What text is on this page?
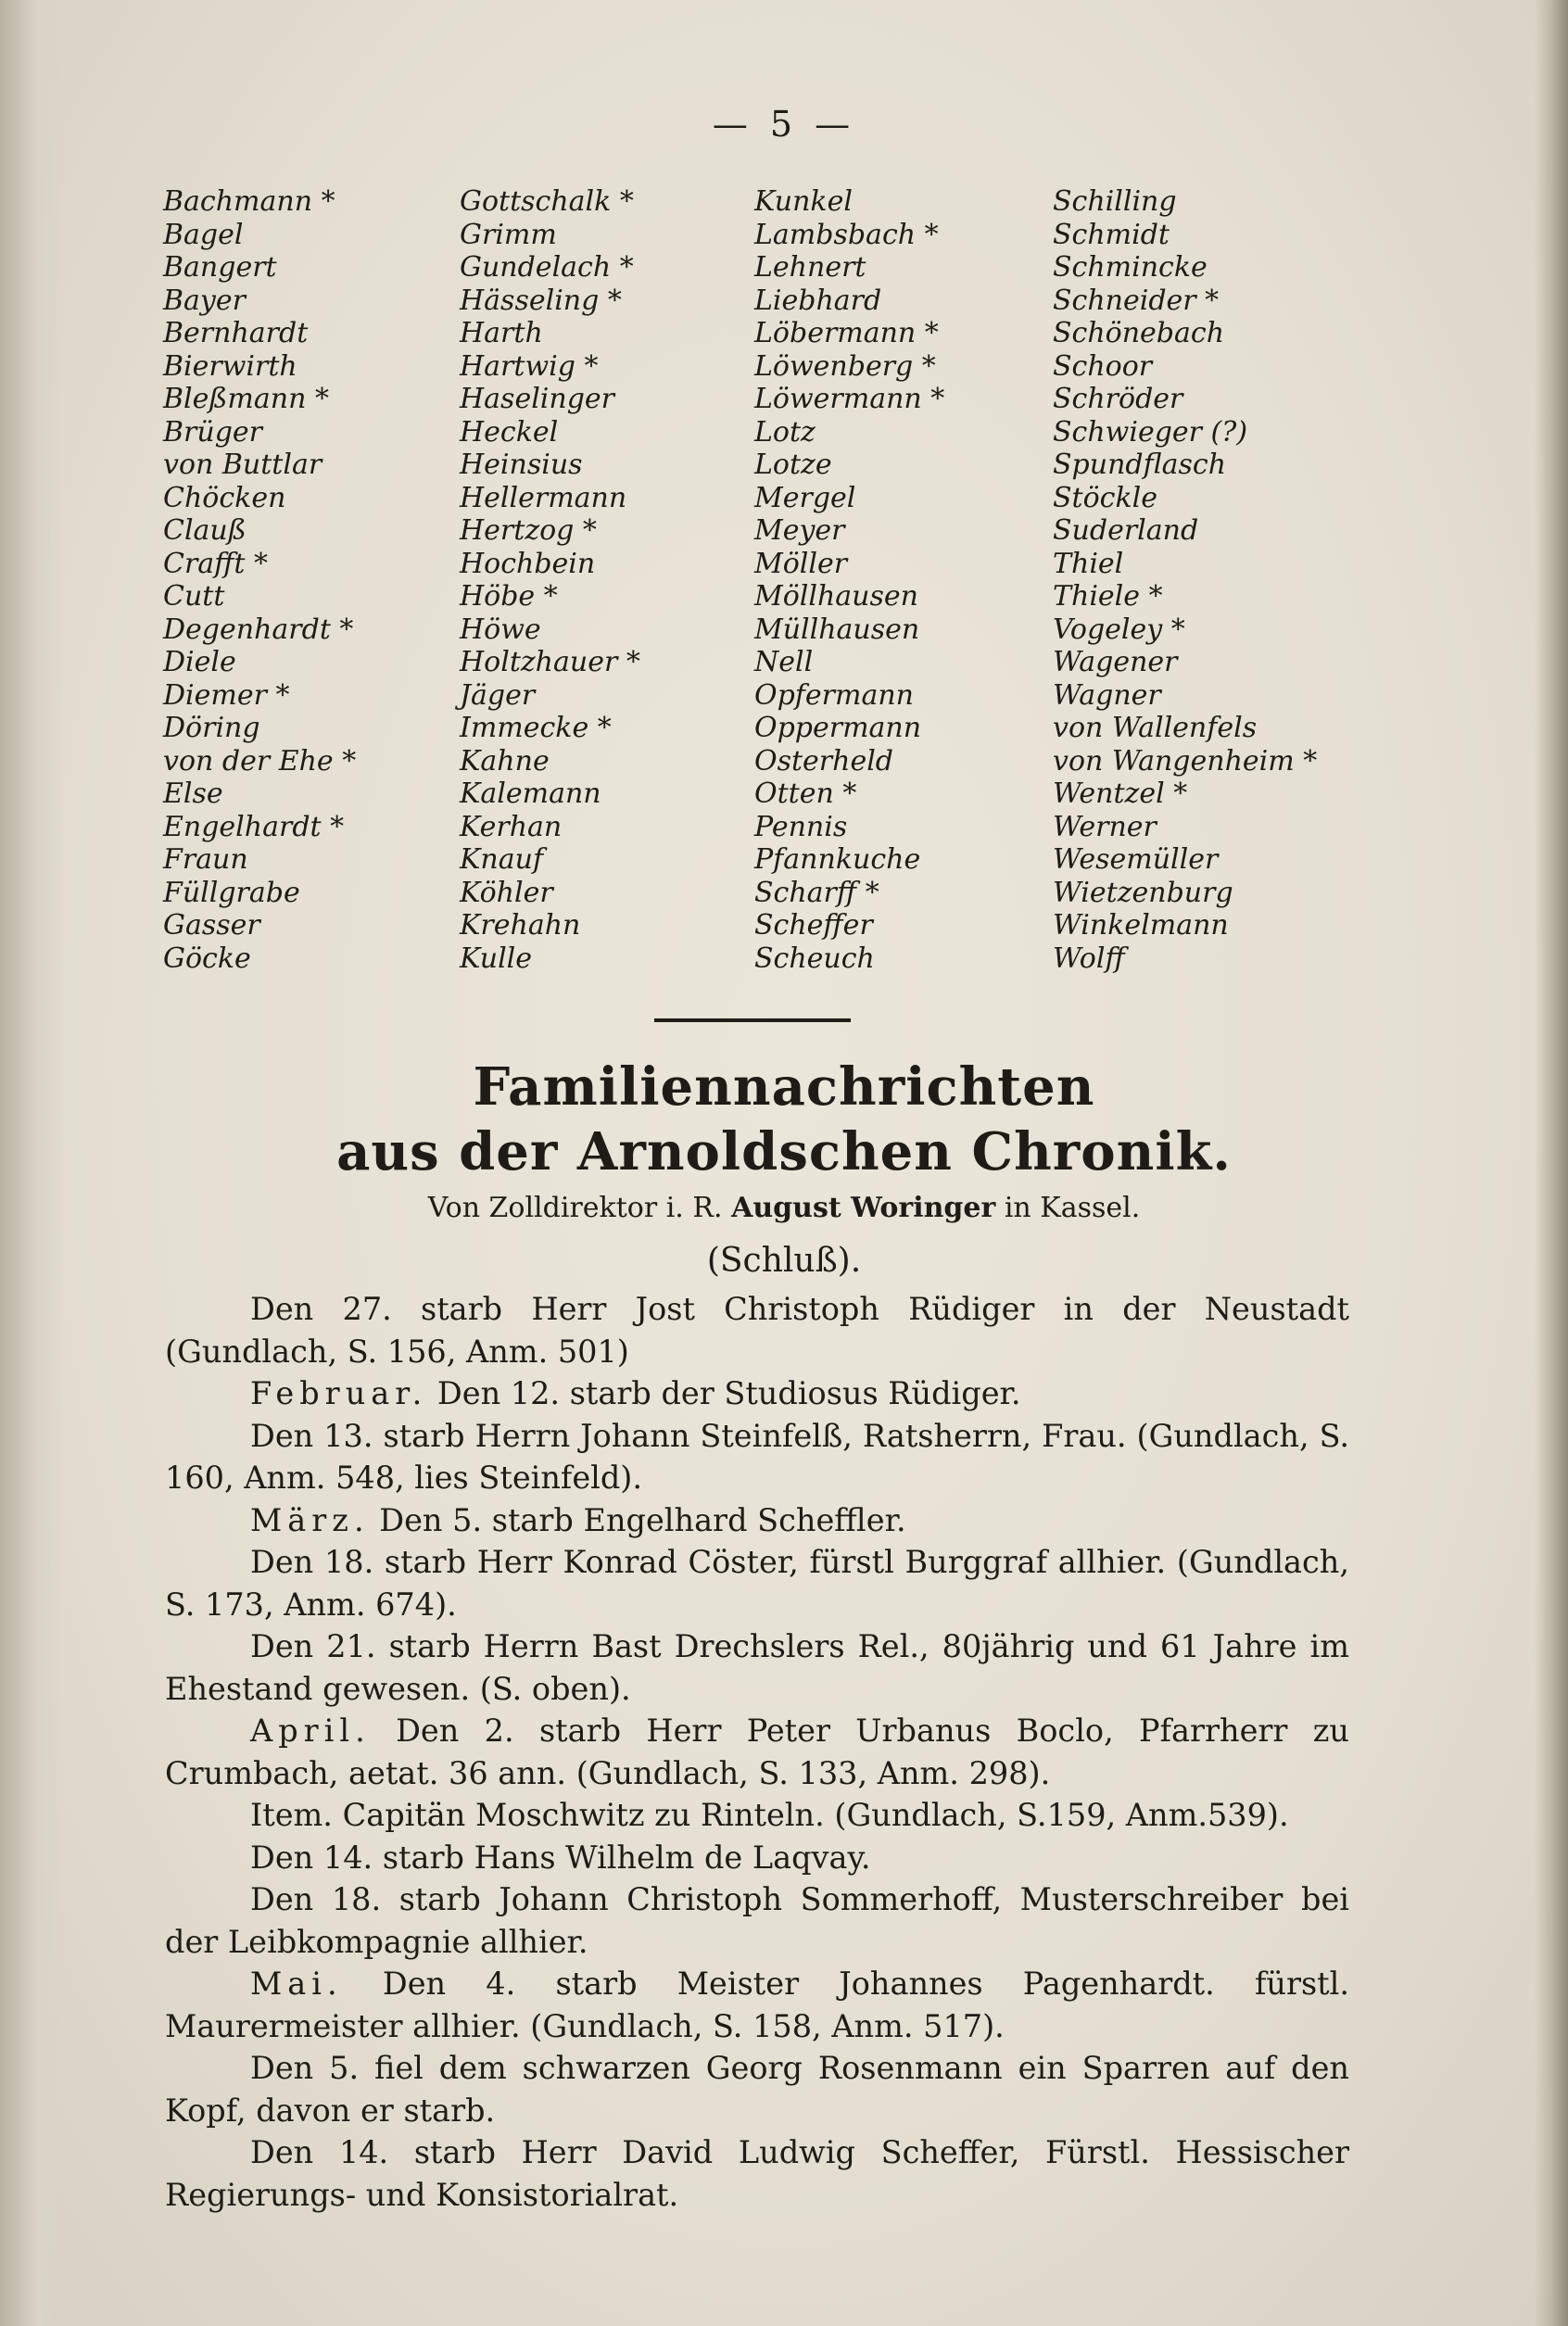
— 5 —
Bachmann *
Bagel
Bangert
Bayer
Bernhardt
Bierwirth
Bleßmann *
Brüger
von Buttlar
Chöcken
Clauß
Crafft *
Cutt
Degenhardt *
Diele
Diemer *
Döring
von der Ehe *
Else
Engelhardt *
Fraun
Füllgrabe
Gasser
Göcke
Gottschalk *
Grimm
Gundelach *
Hässeling *
Harth
Hartwig *
Haselinger
Heckel
Heinsius
Hellermann
Hertzog *
Hochbein
Höbe *
Höwe
Holtzhauer *
Jäger
Immecke *
Kahne
Kalemann
Kerhan
Knauf
Köhler
Krehahn
Kulle
Kunkel
Lambsbach *
Lehnert
Liebhard
Löbermann *
Löwenberg *
Löwermann *
Lotz
Lotze
Mergel
Meyer
Möller
Möllhausen
Müllhausen
Nell
Opfermann
Oppermann
Osterheld
Otten *
Pennis
Pfannkuche
Scharff *
Scheffer
Scheuch
Schilling
Schmidt
Schmincke
Schneider *
Schönebach
Schoor
Schröder
Schwieger (?)
Spundflasch
Stöckle
Suderland
Thiel
Thiele *
Vogeley *
Wagener
Wagner
von Wallenfels
von Wangenheim *
Wentzel *
Werner
Wesemüller
Wietzenburg
Winkelmann
Wolff
Familiennachrichten
aus der Arnoldschen Chronik.
Von Zolldirektor i. R. August Woringer in Kassel.
(Schluß).

Den 27. starb Herr Jost Christoph Rüdiger in der Neustadt (Gundlach, S. 156, Anm. 501)

Februar. Den 12. starb der Studiosus Rüdiger.

Den 13. starb Herrn Johann Steinfelß, Ratsherrn, Frau. (Gundlach, S. 160, Anm. 548, lies Steinfeld).

März. Den 5. starb Engelhard Scheffler.

Den 18. starb Herr Konrad Cöster, fürstl Burggraf allhier. (Gundlach, S. 173, Anm. 674).

Den 21. starb Herrn Bast Drechslers Rel., 80jährig und 61 Jahre im Ehestand gewesen. (S. oben).

April. Den 2. starb Herr Peter Urbanus Boclo, Pfarrherr zu Crumbach, aetat. 36 ann. (Gundlach, S. 133, Anm. 298).

Item. Capitän Moschwitz zu Rinteln. (Gundlach, S.159, Anm.539).

Den 14. starb Hans Wilhelm de Laqvay.

Den 18. starb Johann Christoph Sommerhoff, Musterschreiber bei der Leibkompagnie allhier.

Mai. Den 4. starb Meister Johannes Pagenhardt. fürstl. Maurermeister allhier. (Gundlach, S. 158, Anm. 517).

Den 5. fiel dem schwarzen Georg Rosenmann ein Sparren auf den Kopf, davon er starb.

Den 14. starb Herr David Ludwig Scheffer, Fürstl. Hessischer Regierungs- und Konsistorialrat.
